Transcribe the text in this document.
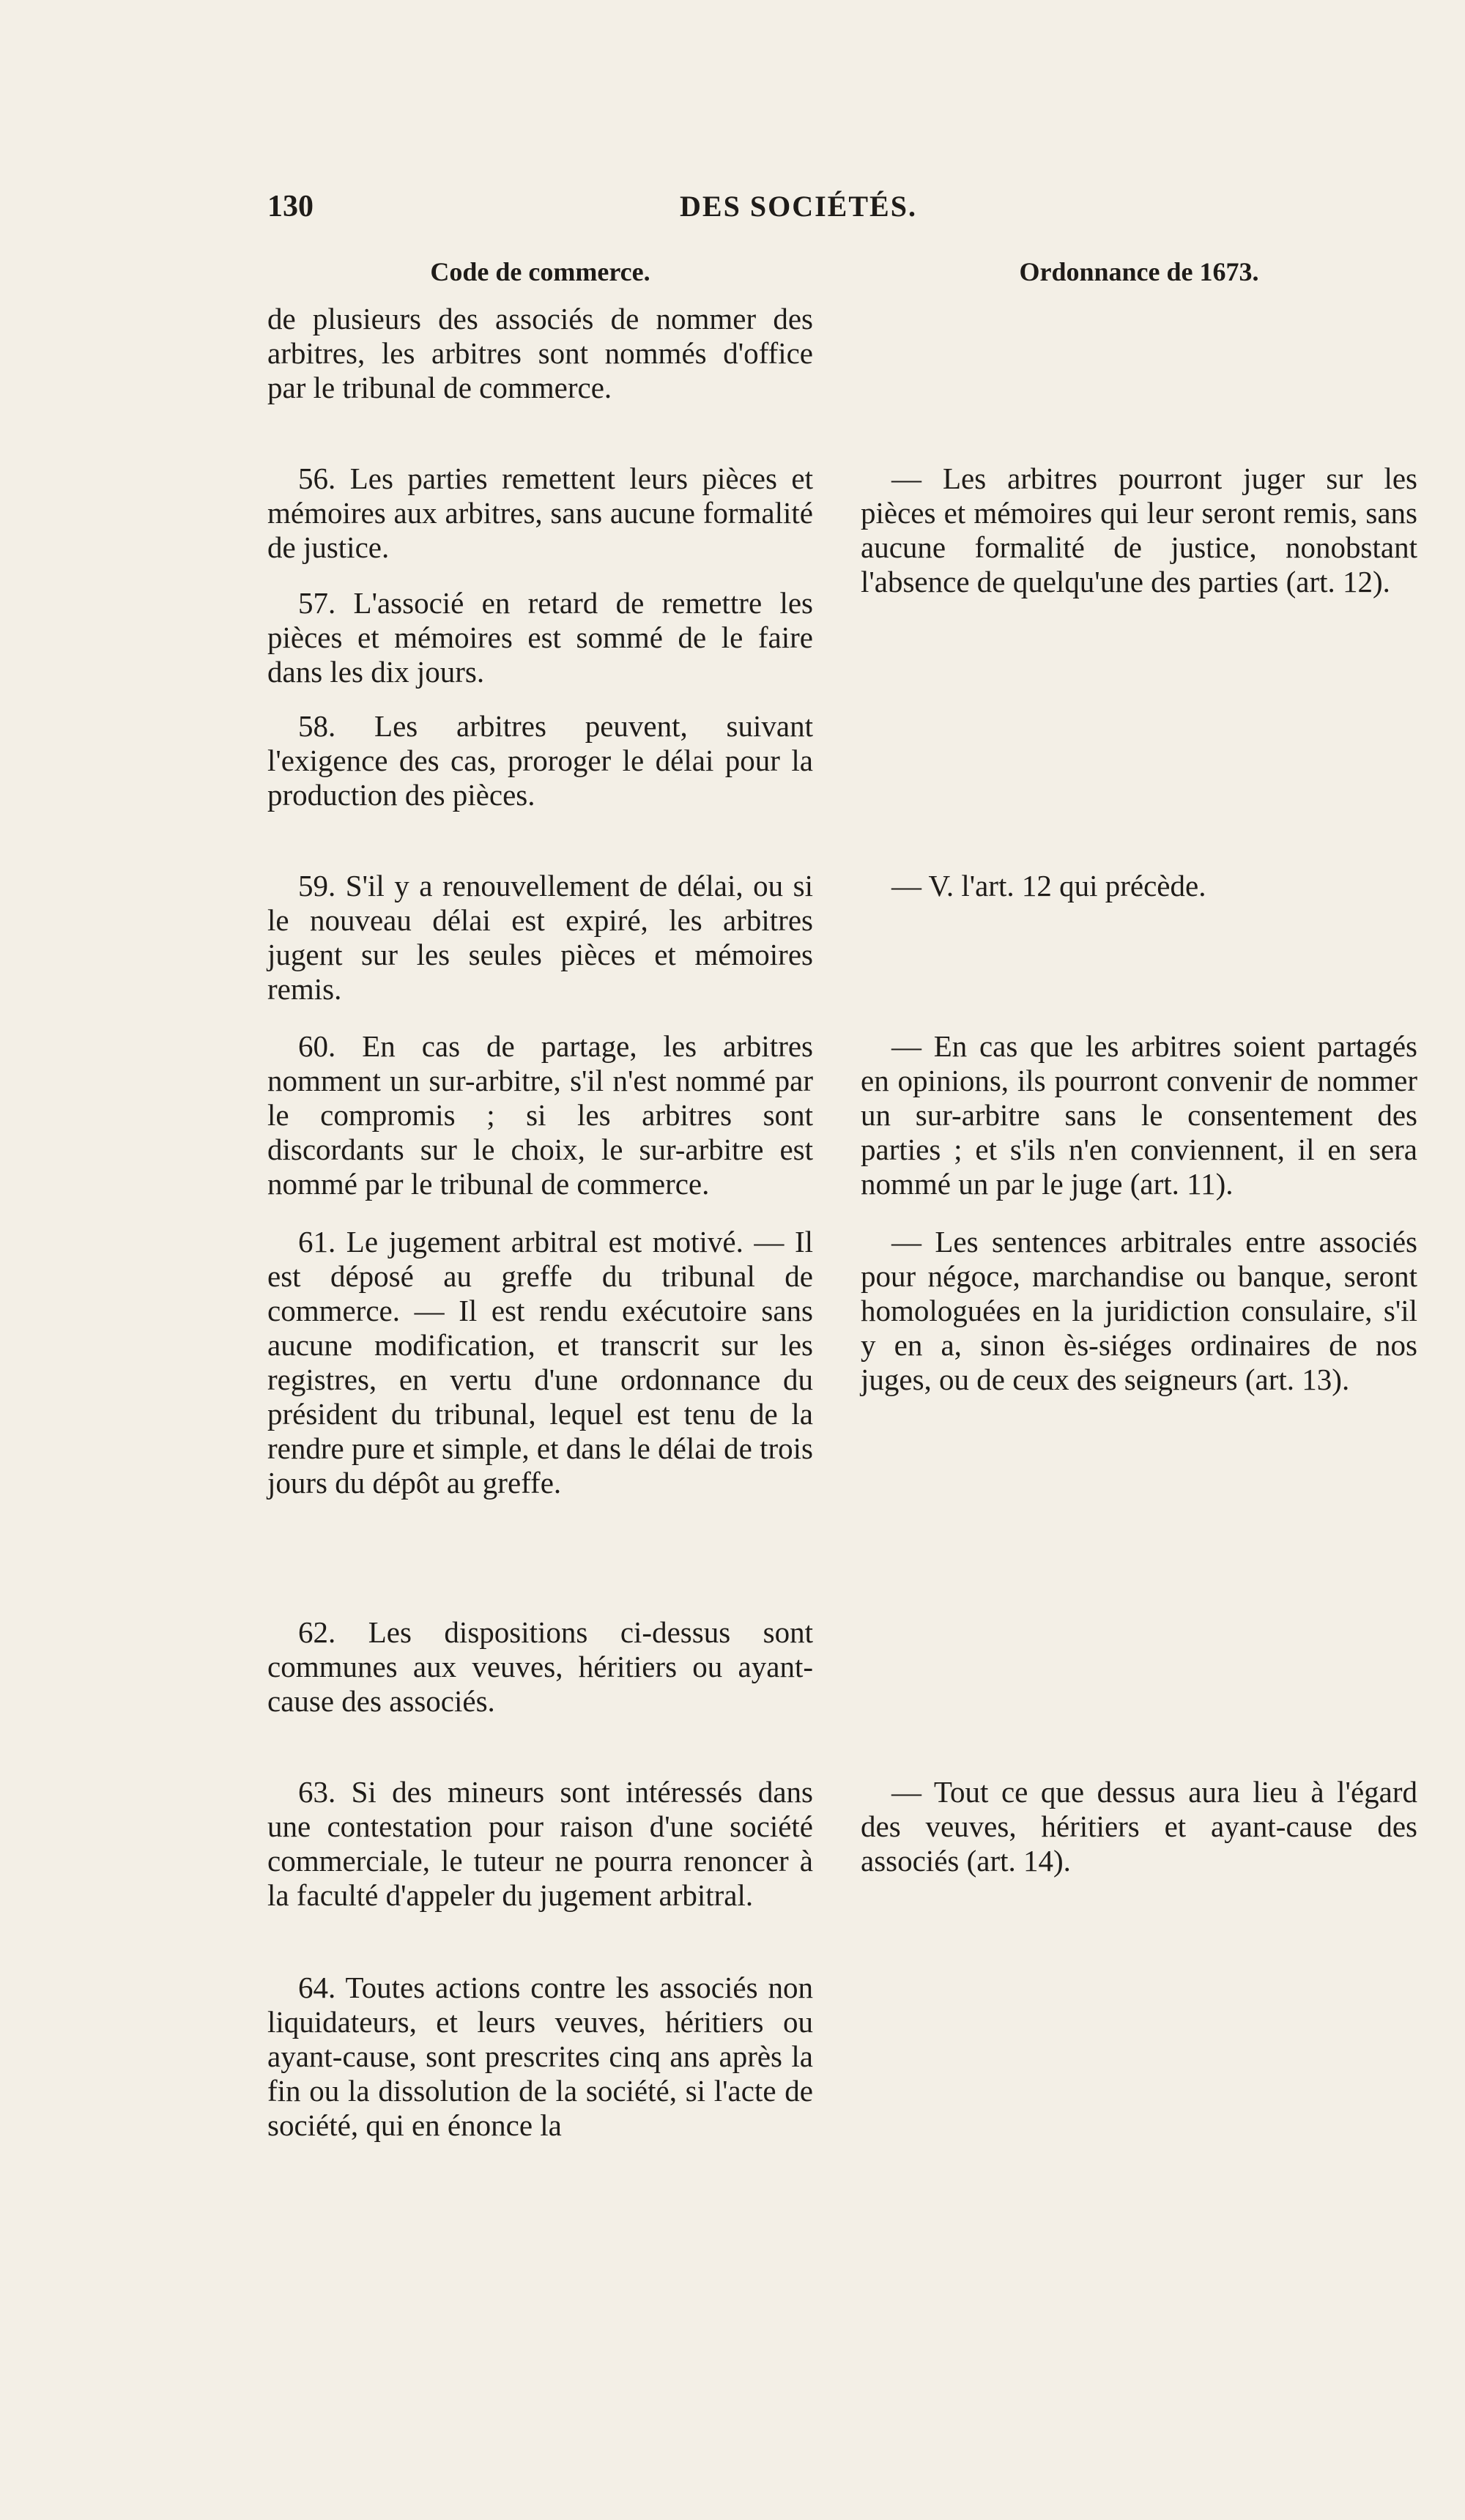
130	DES SOCIÉTÉS.
Code de commerce.	Ordonnance de 1673.

de plusieurs des associés de nommer des arbitres, les arbitres sont nommés d'office par le tribunal de commerce.

56. Les parties remettent leurs pièces et mémoires aux arbitres, sans aucune formalité de justice.

57. L'associé en retard de remettre les pièces et mémoires est sommé de le faire dans les dix jours.

58. Les arbitres peuvent, suivant l'exigence des cas, proroger le délai pour la production des pièces.

59. S'il y a renouvellement de délai, ou si le nouveau délai est expiré, les arbitres jugent sur les seules pièces et mémoires remis.

60. En cas de partage, les arbitres nomment un sur-arbitre, s'il n'est nommé par le compromis ; si les arbitres sont discordants sur le choix, le sur-arbitre est nommé par le tribunal de commerce.

61. Le jugement arbitral est motivé. — Il est déposé au greffe du tribunal de commerce. — Il est rendu exécutoire sans aucune modification, et transcrit sur les registres, en vertu d'une ordonnance du président du tribunal, lequel est tenu de la rendre pure et simple, et dans le délai de trois jours du dépôt au greffe.

62. Les dispositions ci-dessus sont communes aux veuves, héritiers ou ayant-cause des associés.

63. Si des mineurs sont intéressés dans une contestation pour raison d'une société commerciale, le tuteur ne pourra renoncer à la faculté d'appeler du jugement arbitral.

64. Toutes actions contre les associés non liquidateurs, et leurs veuves, héritiers ou ayant-cause, sont prescrites cinq ans après la fin ou la dissolution de la société, si l'acte de société, qui en énonce la

— Les arbitres pourront juger sur les pièces et mémoires qui leur seront remis, sans aucune formalité de justice, nonobstant l'absence de quelqu'une des parties (art. 12).

— V. l'art. 12 qui précède.

— En cas que les arbitres soient partagés en opinions, ils pourront convenir de nommer un sur-arbitre sans le consentement des parties ; et s'ils n'en conviennent, il en sera nommé un par le juge (art. 11).

— Les sentences arbitrales entre associés pour négoce, marchandise ou banque, seront homologuées en la juridiction consulaire, s'il y en a, sinon ès-siéges ordinaires de nos juges, ou de ceux des seigneurs (art. 13).

— Tout ce que dessus aura lieu à l'égard des veuves, héritiers et ayant-cause des associés (art. 14).
